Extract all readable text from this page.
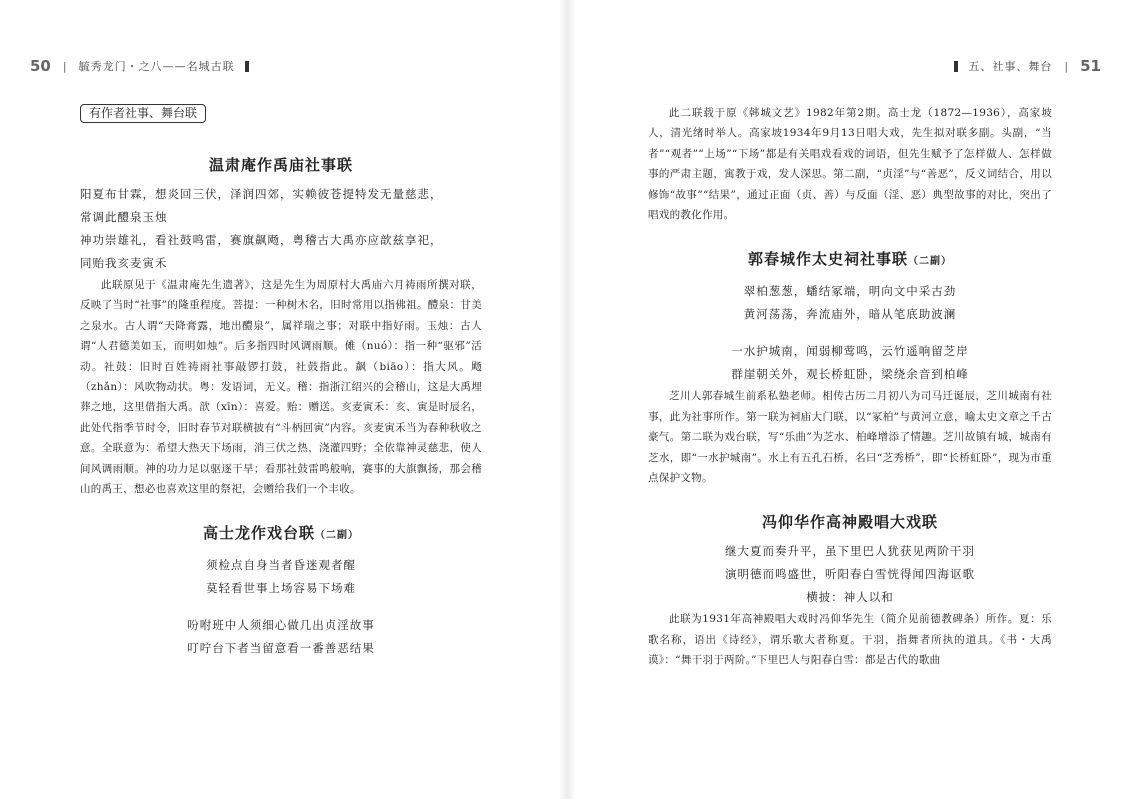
50 | 毓秀龙门・之八——名城古联
有作者社事、舞台联
温肃庵作禹庙社事联
阳夏布甘霖，想炎回三伏，泽润四郊，实赖彼苍提特发无量慈悲，
常调此醴泉玉烛
神功崇雄礼，看社鼓鸣雷，赛旗飙飏，粤稽古大禹亦应歆兹享祀，
同贻我亥麦寅禾
此联原见于《温肃庵先生遗著》，这是先生为周原村大禹庙六月祷雨所撰对联，反映了当时“社事”的隆重程度。菩提：一种树木名，旧时常用以指佛祖。醴泉：甘美之泉水。古人谓“天降膏露，地出醴泉”，属祥瑞之事；对联中指好雨。玉烛：古人谓“人君德美如玉，而明如烛”。后多指四时风调雨顺。傩（nuó）：指一种“驱邪”活动。社鼓：旧时百姓祷雨社事敲锣打鼓，社鼓指此。飙（biāo）：指大风。飏（zhǎn）：风吹物动状。粤：发语词，无义。稽：指浙江绍兴的会稽山，这是大禹埋葬之地，这里借指大禹。歆（xīn）：喜爱。贻：赠送。亥麦寅禾：亥、寅是时辰名，此处代指季节时令，旧时春节对联横披有“斗柄回寅”内容。亥麦寅禾当为春种秋收之意。全联意为：希望大热天下场雨，消三伏之热，浇灌四野；全依靠神灵慈悲，使人间风调雨顺。神的功力足以驱逐干旱；看那社鼓雷鸣般响，赛事的大旗飘扬，那会稽山的禹王，想必也喜欢这里的祭祀，会赠给我们一个丰收。
高士龙作戏台联（二副）
须检点自身当者昏迷观者醒
莫轻看世事上场容易下场难
吩咐班中人须细心做几出贞淫故事
叮咛台下者当留意看一番善恶结果
五、社事、舞台 | 51
此二联载于原《韩城文艺》1982年第2期。高士龙（1872—1936），高家坡人，清光绪时举人。高家坡1934年9月13日唱大戏，先生拟对联多副。头副，“当者”“观者”“上场”“下场”都是有关唱戏看戏的词语，但先生赋予了怎样做人、怎样做事的严肃主题，寓教于戏，发人深思。第二副，“贞淫”与“善恶”，反义词结合，用以修饰“故事”“结果”，通过正面（贞、善）与反面（淫、恶）典型故事的对比，突出了唱戏的教化作用。
郭春城作太史祠社事联（二副）
翠柏葱葱，蟠结冢端，明向文中采古劲
黄河荡荡，奔流庙外，暗从笔底助波澜
一水护城南，闻弱柳莺鸣，云竹遥响留芝岸
群崖朝关外，观长桥虹卧，梁绕余音到柏峰
芝川人郭春城生前系私塾老师。相传古历二月初八为司马迁诞辰，芝川城南有社事，此为社事所作。第一联为祠庙大门联，以“冢柏”与黄河立意，喻太史文章之千古豪气。第二联为戏台联，写“乐曲”为芝水、柏峰增添了情趣。芝川故镇有城，城南有芝水，即“一水护城南”。水上有五孔石桥，名曰“芝秀桥”，即“长桥虹卧”，现为市重点保护文物。
冯仰华作高神殿唱大戏联
继大夏而奏升平，虽下里巴人犹获见两阶干羽
演明德而鸣盛世，听阳春白雪恍得闻四海讴歌
横披：神人以和
此联为1931年高神殿唱大戏时冯仰华先生（简介见前德教碑条）所作。夏：乐歌名称，语出《诗经》，谓乐歌大者称夏。干羽，指舞者所执的道具。《书・大禹谟》：“舞干羽于两阶。”下里巴人与阳春白雪：都是古代的歌曲
